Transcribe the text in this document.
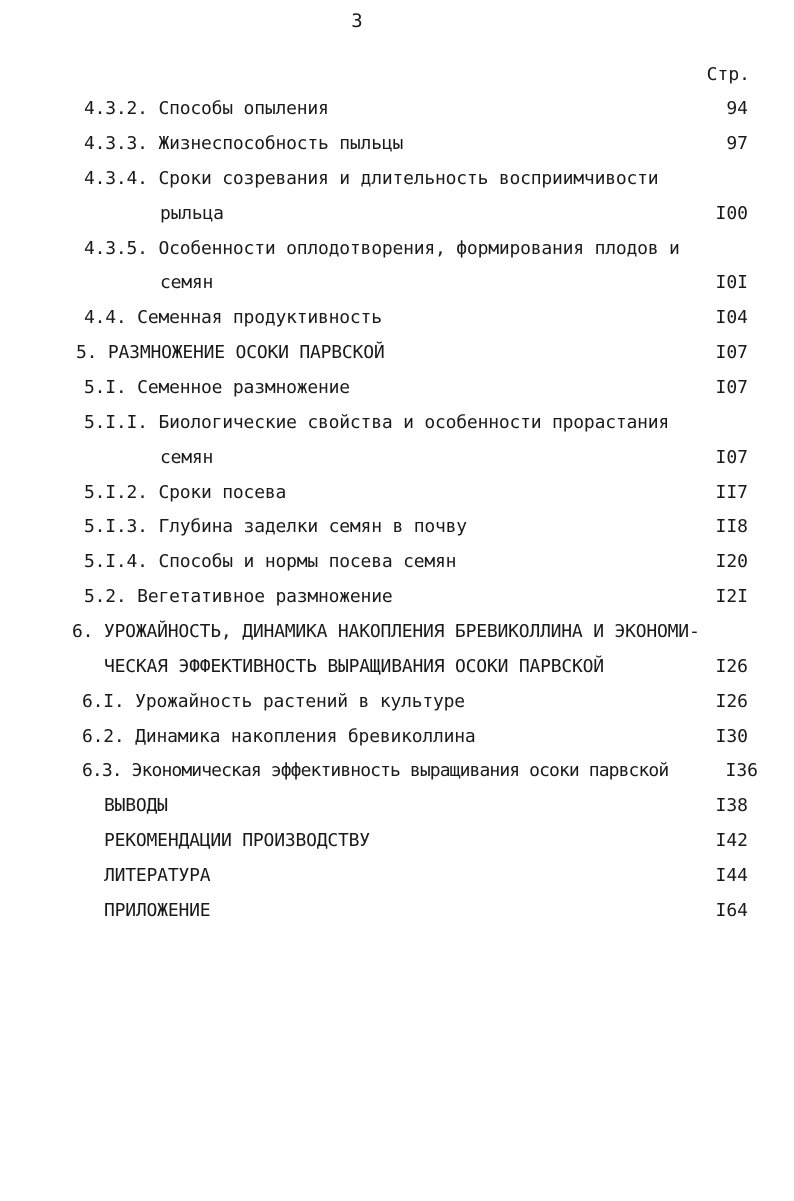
3
Стр.
4.3.2. Способы опыления	94
4.3.3. Жизнеспособность пыльцы	97
4.3.4. Сроки созревания и длительность восприимчивости
рыльца	I00
4.3.5. Особенности оплодотворения, формирования плодов и
семян	I0I
4.4. Семенная продуктивность	I04
5. РАЗМНОЖЕНИЕ ОСОКИ ПАРВСКОЙ	I07
5.I. Семенное размножение	I07
5.I.I. Биологические свойства и особенности прорастания
семян	I07
5.I.2. Сроки посева	II7
5.I.3. Глубина заделки семян в почву	II8
5.I.4. Способы и нормы посева семян	I20
5.2. Вегетативное размножение	I2I
6. УРОЖАЙНОСТЬ, ДИНАМИКА НАКОПЛЕНИЯ БРЕВИКОЛЛИНА И ЭКОНОМИ-
ЧЕСКАЯ ЭФФЕКТИВНОСТЬ ВЫРАЩИВАНИЯ ОСОКИ ПАРВСКОЙ	I26
6.I. Урожайность растений в культуре	I26
6.2. Динамика накопления бревиколлина	I30
6.3. Экономическая эффективность выращивания осоки парвской	I36
ВЫВОДЫ	I38
РЕКОМЕНДАЦИИ ПРОИЗВОДСТВУ	I42
ЛИТЕРАТУРА	I44
ПРИЛОЖЕНИЕ	I64
